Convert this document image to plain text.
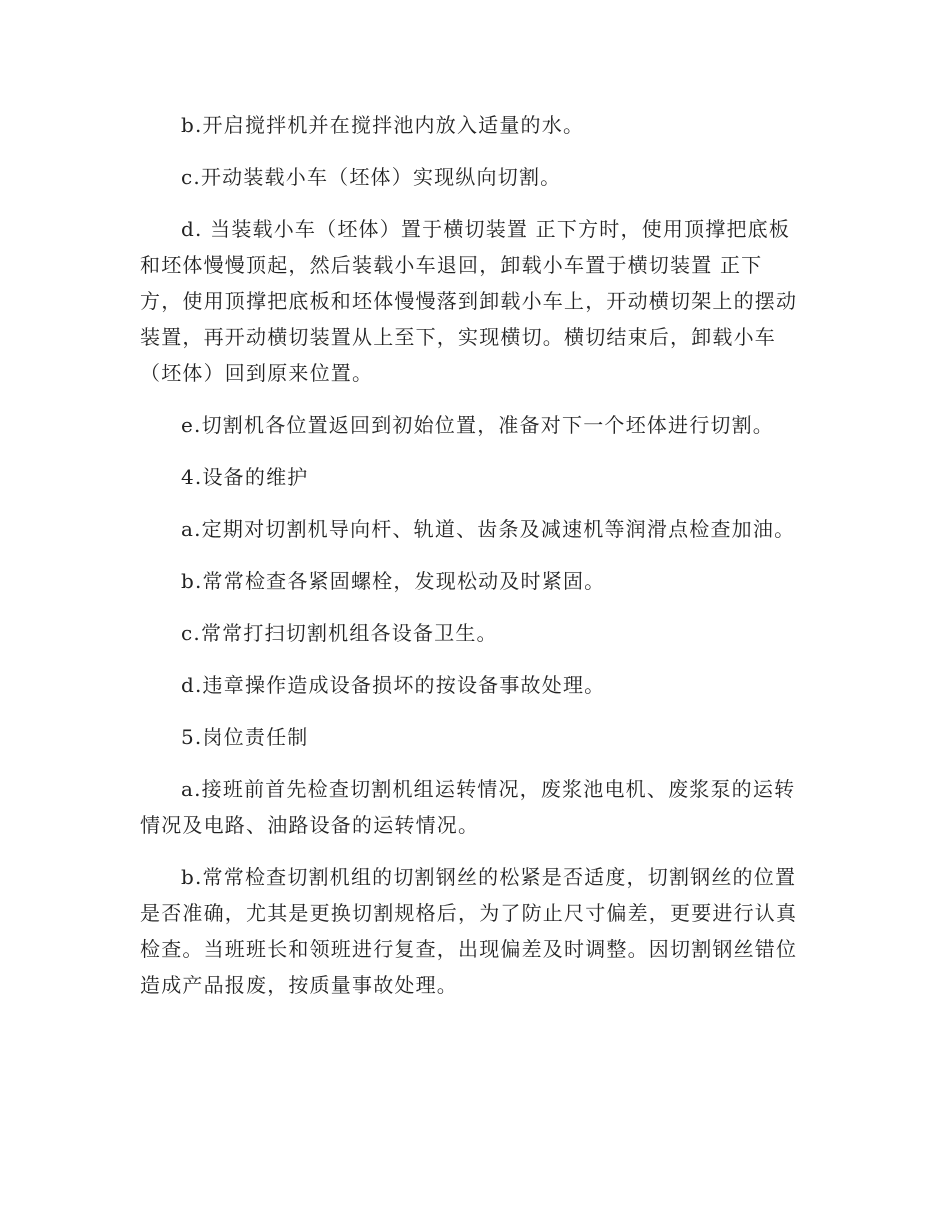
b.开启搅拌机并在搅拌池内放入适量的水。

c.开动装载小车（坯体）实现纵向切割。

d. 当装载小车（坯体）置于横切装置 正下方时，使用顶撑把底板和坯体慢慢顶起，然后装载小车退回，卸载小车置于横切装置 正下方，使用顶撑把底板和坯体慢慢落到卸载小车上，开动横切架上的摆动装置，再开动横切装置从上至下，实现横切。横切结束后，卸载小车（坯体）回到原来位置。

e.切割机各位置返回到初始位置，准备对下一个坯体进行切割。

4.设备的维护

a.定期对切割机导向杆、轨道、齿条及减速机等润滑点检查加油。

b.常常检查各紧固螺栓，发现松动及时紧固。

c.常常打扫切割机组各设备卫生。

d.违章操作造成设备损坏的按设备事故处理。

5.岗位责任制

a.接班前首先检查切割机组运转情况，废浆池电机、废浆泵的运转情况及电路、油路设备的运转情况。

b.常常检查切割机组的切割钢丝的松紧是否适度，切割钢丝的位置是否准确，尤其是更换切割规格后，为了防止尺寸偏差，更要进行认真检查。当班班长和领班进行复查，出现偏差及时调整。因切割钢丝错位造成产品报废，按质量事故处理。
